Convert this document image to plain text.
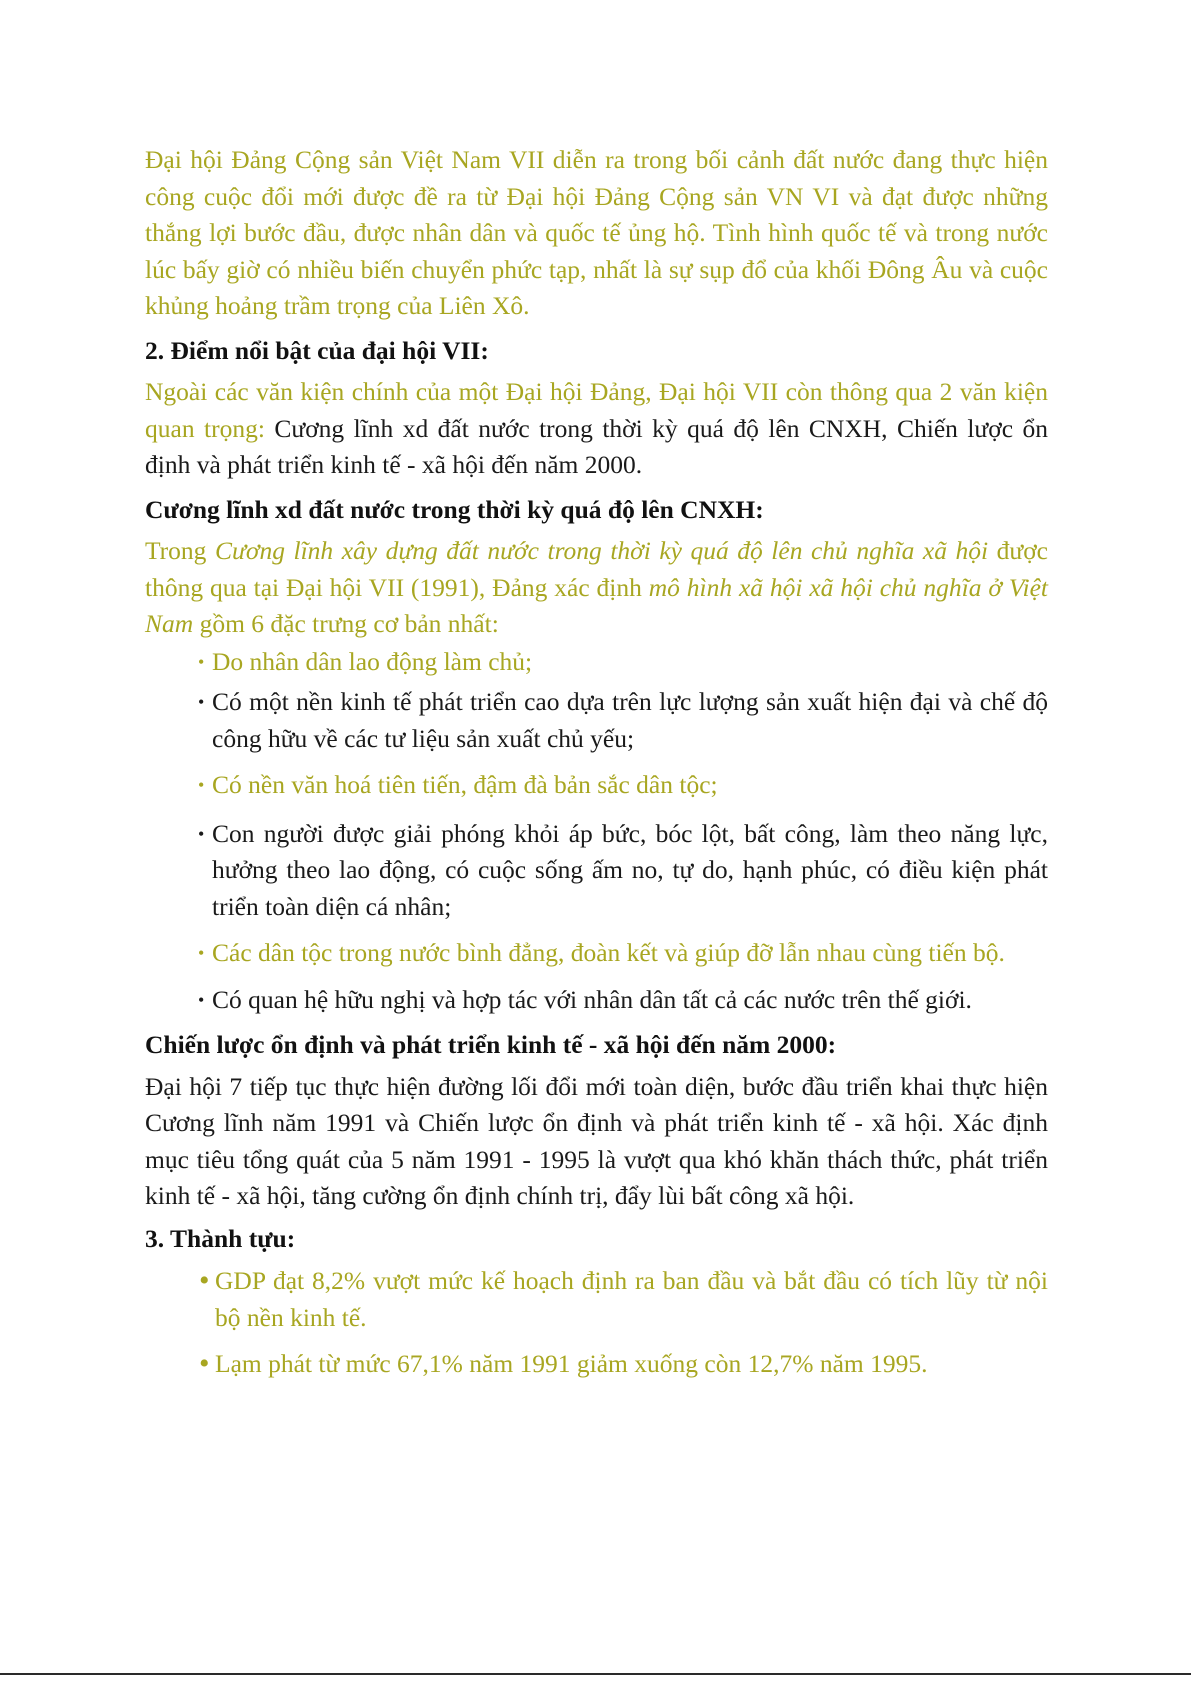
Đại hội Đảng Cộng sản Việt Nam VII diễn ra trong bối cảnh đất nước đang thực hiện công cuộc đổi mới được đề ra từ Đại hội Đảng Cộng sản VN VI và đạt được những thắng lợi bước đầu, được nhân dân và quốc tế ủng hộ. Tình hình quốc tế và trong nước lúc bấy giờ có nhiều biến chuyển phức tạp, nhất là sự sụp đổ của khối Đông Âu và cuộc khủng hoảng trầm trọng của Liên Xô.

2. Điểm nổi bật của đại hội VII:

Ngoài các văn kiện chính của một Đại hội Đảng, Đại hội VII còn thông qua 2 văn kiện quan trọng: Cương lĩnh xd đất nước trong thời kỳ quá độ lên CNXH, Chiến lược ổn định và phát triển kinh tế - xã hội đến năm 2000.

Cương lĩnh xd đất nước trong thời kỳ quá độ lên CNXH:

Trong Cương lĩnh xây dựng đất nước trong thời kỳ quá độ lên chủ nghĩa xã hội được thông qua tại Đại hội VII (1991), Đảng xác định mô hình xã hội xã hội chủ nghĩa ở Việt Nam gồm 6 đặc trưng cơ bản nhất:

• Do nhân dân lao động làm chủ;
• Có một nền kinh tế phát triển cao dựa trên lực lượng sản xuất hiện đại và chế độ công hữu về các tư liệu sản xuất chủ yếu;
• Có nền văn hoá tiên tiến, đậm đà bản sắc dân tộc;
• Con người được giải phóng khỏi áp bức, bóc lột, bất công, làm theo năng lực, hưởng theo lao động, có cuộc sống ấm no, tự do, hạnh phúc, có điều kiện phát triển toàn diện cá nhân;
• Các dân tộc trong nước bình đẳng, đoàn kết và giúp đỡ lẫn nhau cùng tiến bộ.
• Có quan hệ hữu nghị và hợp tác với nhân dân tất cả các nước trên thế giới.

Chiến lược ổn định và phát triển kinh tế - xã hội đến năm 2000:

Đại hội 7 tiếp tục thực hiện đường lối đổi mới toàn diện, bước đầu triển khai thực hiện Cương lĩnh năm 1991 và Chiến lược ổn định và phát triển kinh tế - xã hội. Xác định mục tiêu tổng quát của 5 năm 1991 - 1995 là vượt qua khó khăn thách thức, phát triển kinh tế - xã hội, tăng cường ổn định chính trị, đẩy lùi bất công xã hội.

3. Thành tựu:

• GDP đạt 8,2% vượt mức kế hoạch định ra ban đầu và bắt đầu có tích lũy từ nội bộ nền kinh tế.
• Lạm phát từ mức 67,1% năm 1991 giảm xuống còn 12,7% năm 1995.
